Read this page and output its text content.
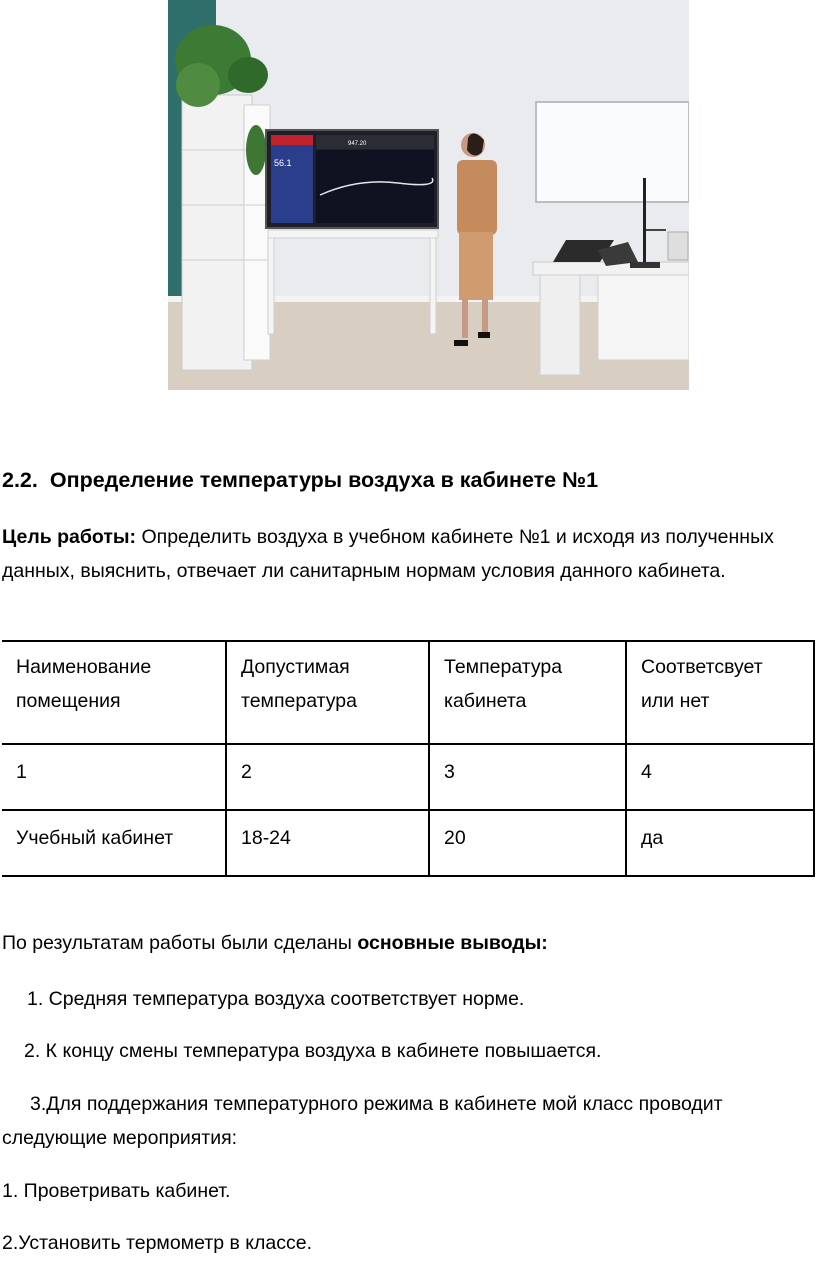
56.1
947.20
2.2. Определение температуры воздуха в кабинете №1
Цель работы: Определить воздуха в учебном кабинете №1 и исходя из полученных данных, выяснить, отвечает ли санитарным нормам условия данного кабинета.
Наименование помещения	Допустимая температура	Температура кабинета	Соответсвует или нет
1	2	3	4
Учебный кабинет	18-24	20	да
По результатам работы были сделаны основные выводы:
1. Средняя температура воздуха соответствует норме.
2. К концу смены температура воздуха в кабинете повышается.
3.Для поддержания температурного режима в кабинете мой класс проводит следующие мероприятия:
1. Проветривать кабинет.
2.Установить термометр в классе.
